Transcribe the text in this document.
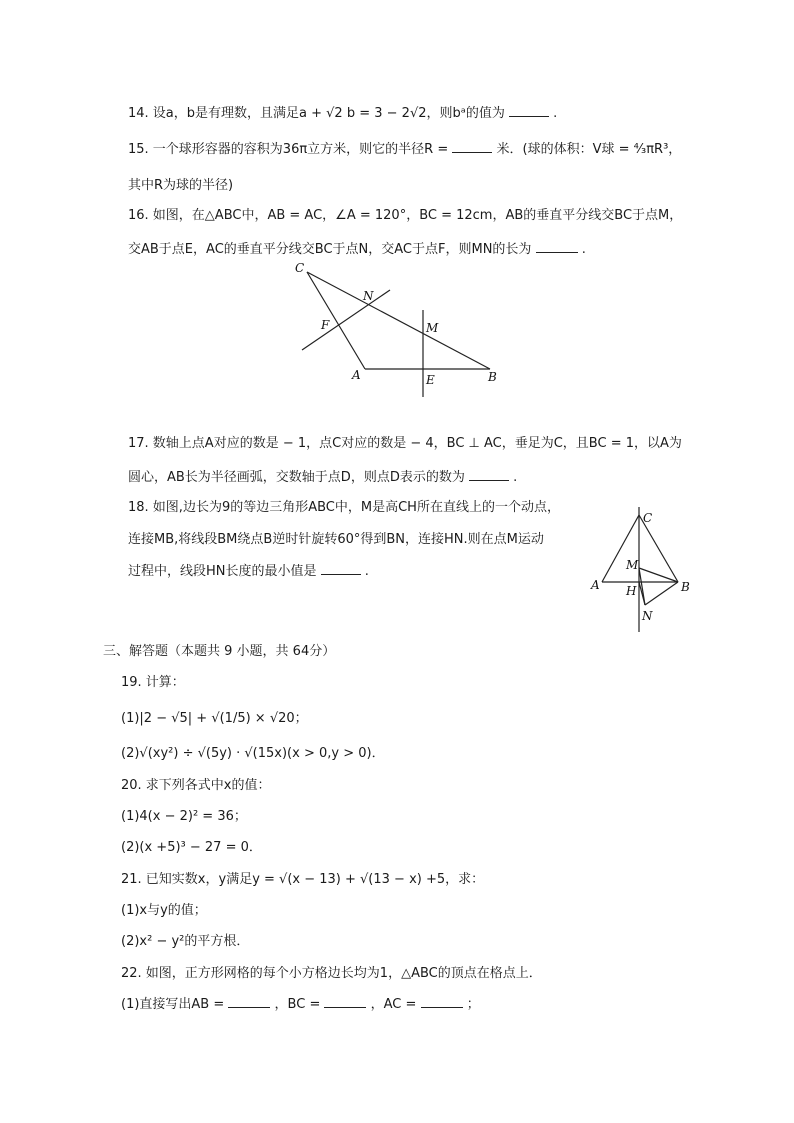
14. 设a，b是有理数，且满足a + √2 b = 3 − 2√2，则bᵃ的值为	.
15. 一个球形容器的容积为36π立方米，则它的半径R =	米．(球的体积：V球 = ⁴⁄₃πR³，
其中R为球的半径)
16. 如图，在△ABC中，AB = AC，∠A = 120°，BC = 12cm，AB的垂直平分线交BC于点M，
交AB于点E，AC的垂直平分线交BC于点N，交AC于点F，则MN的长为	.
C
N
F	M
A	E	B
17. 数轴上点A对应的数是 − 1，点C对应的数是 − 4，BC ⊥ AC，垂足为C，且BC = 1，以A为
圆心，AB长为半径画弧，交数轴于点D，则点D表示的数为	.
18. 如图,边长为9的等边三角形ABC中，M是高CH所在直线上的一个动点，
连接MB,将线段BM绕点B逆时针旋转60°得到BN，连接HN.则在点M运动
过程中，线段HN长度的最小值是	.
C
M
A H	B
N
三、解答题（本题共 9 小题，共 64分）
19. 计算：
(1)|2 − √5| + √(1/5) × √20；
(2)√(xy²) ÷ √(5y) · √(15x)(x > 0,y > 0)．
20. 求下列各式中x的值：
(1)4(x − 2)² = 36；
(2)(x +5)³ − 27 = 0．
21. 已知实数x，y满足y = √(x − 13) + √(13 − x) +5，求：
(1)x与y的值；
(2)x² − y²的平方根．
22. 如图，正方形网格的每个小方格边长均为1，△ABC的顶点在格点上．
(1)直接写出AB =	，BC =	，AC =	；
